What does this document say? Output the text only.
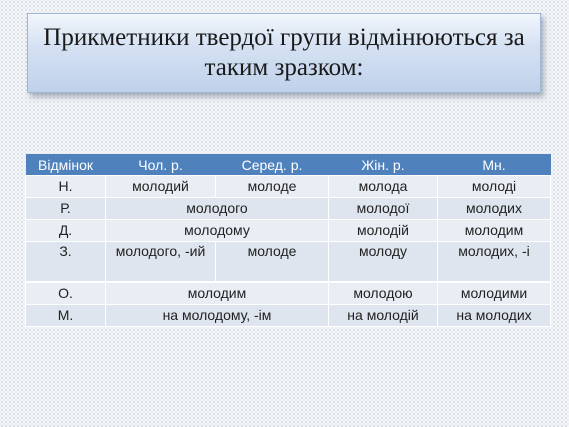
Прикметники твердої групи відмінюються за таким зразком:
Відмінок	Чол. р.	Серед. р.	Жін. р.	Мн.
Н.	молодий	молоде	молода	молоді
Р.	молодого		молодої	молодих
Д.	молодому		молодій	молодим
З.	молодого, -ий	молоде	молоду	молодих, -і
О.	молодим		молодою	молодими
М.	на молодому, -ім		на молодій	на молодих
